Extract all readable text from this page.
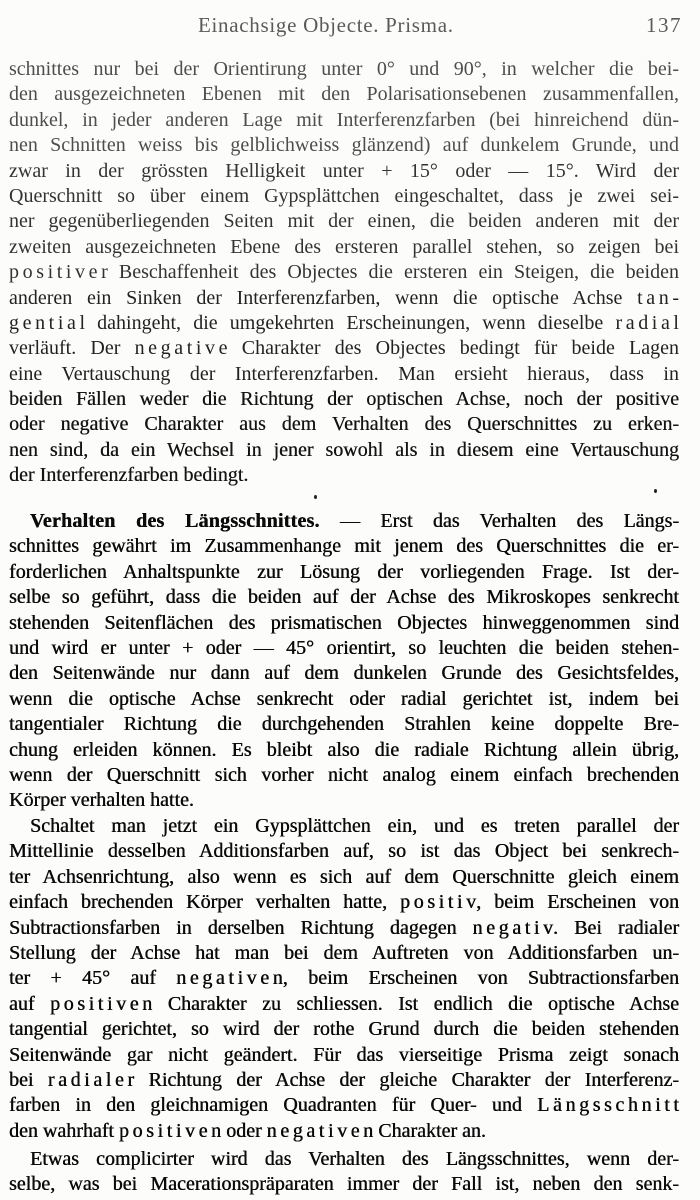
Einachsige Objecte. Prisma.	137
schnittes nur bei der Orientirung unter 0° und 90°, in welcher die bei-
den ausgezeichneten Ebenen mit den Polarisationsebenen zusammenfallen,
dunkel, in jeder anderen Lage mit Interferenzfarben (bei hinreichend dün-
nen Schnitten weiss bis gelblichweiss glänzend) auf dunkelem Grunde, und
zwar in der grössten Helligkeit unter + 15° oder — 15°. Wird der
Querschnitt so über einem Gypsplättchen eingeschaltet, dass je zwei sei-
ner gegenüberliegenden Seiten mit der einen, die beiden anderen mit der
zweiten ausgezeichneten Ebene des ersteren parallel stehen, so zeigen bei
positiver Beschaffenheit des Objectes die ersteren ein Steigen, die beiden
anderen ein Sinken der Interferenzfarben, wenn die optische Achse tan-
gential dahingeht, die umgekehrten Erscheinungen, wenn dieselbe radial
verläuft. Der negative Charakter des Objectes bedingt für beide Lagen
eine Vertauschung der Interferenzfarben. Man ersieht hieraus, dass in
beiden Fällen weder die Richtung der optischen Achse, noch der positive
oder negative Charakter aus dem Verhalten des Querschnittes zu erken-
nen sind, da ein Wechsel in jener sowohl als in diesem eine Vertauschung
der Interferenzfarben bedingt.
Verhalten des Längsschnittes. — Erst das Verhalten des Längs-
schnittes gewährt im Zusammenhange mit jenem des Querschnittes die er-
forderlichen Anhaltspunkte zur Lösung der vorliegenden Frage. Ist der-
selbe so geführt, dass die beiden auf der Achse des Mikroskopes senkrecht
stehenden Seitenflächen des prismatischen Objectes hinweggenommen sind
und wird er unter + oder — 45° orientirt, so leuchten die beiden stehen-
den Seitenwände nur dann auf dem dunkelen Grunde des Gesichtsfeldes,
wenn die optische Achse senkrecht oder radial gerichtet ist, indem bei
tangentialer Richtung die durchgehenden Strahlen keine doppelte Bre-
chung erleiden können. Es bleibt also die radiale Richtung allein übrig,
wenn der Querschnitt sich vorher nicht analog einem einfach brechenden
Körper verhalten hatte.
Schaltet man jetzt ein Gypsplättchen ein, und es treten parallel der
Mittellinie desselben Additionsfarben auf, so ist das Object bei senkrech-
ter Achsenrichtung, also wenn es sich auf dem Querschnitte gleich einem
einfach brechenden Körper verhalten hatte, positiv, beim Erscheinen von
Subtractionsfarben in derselben Richtung dagegen negativ. Bei radialer
Stellung der Achse hat man bei dem Auftreten von Additionsfarben un-
ter + 45° auf negativen, beim Erscheinen von Subtractionsfarben
auf positiven Charakter zu schliessen. Ist endlich die optische Achse
tangential gerichtet, so wird der rothe Grund durch die beiden stehenden
Seitenwände gar nicht geändert. Für das vierseitige Prisma zeigt sonach
bei radialer Richtung der Achse der gleiche Charakter der Interferenz-
farben in den gleichnamigen Quadranten für Quer- und Längsschnitt
den wahrhaft positiven oder negativen Charakter an.
Etwas complicirter wird das Verhalten des Längsschnittes, wenn der-
selbe, was bei Macerationspräparaten immer der Fall ist, neben den senk-
